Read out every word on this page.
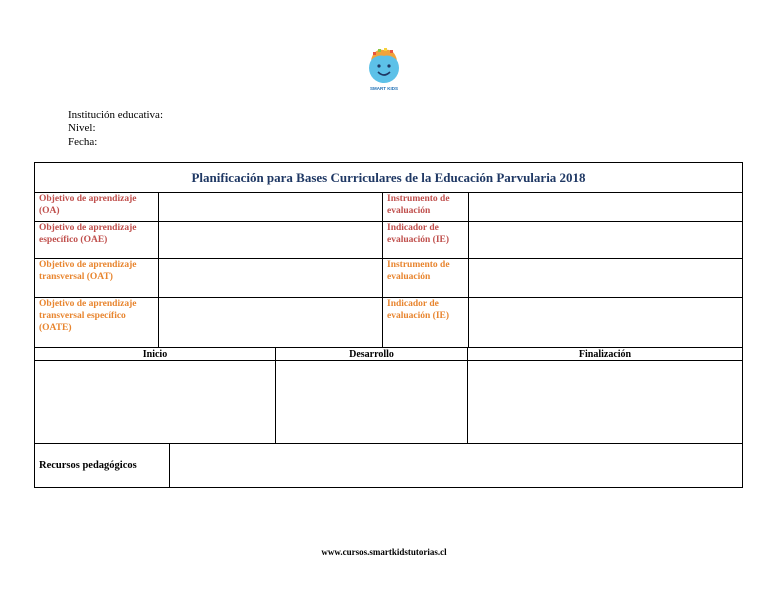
SMART KIDS
Institución educativa:
Nivel:
Fecha:
Planificación para Bases Curriculares de la Educación Parvularia 2018			
Objetivo de aprendizaje (OA)		Instrumento de evaluación	
Objetivo de aprendizaje específico (OAE)		Indicador de evaluación (IE)	
Objetivo de aprendizaje transversal (OAT)		Instrumento de evaluación	
Objetivo de aprendizaje transversal específico (OATE)		Indicador de evaluación (IE)	
Inicio	Desarrollo	Finalización

Recursos pedagógicos	
www.cursos.smartkidstutorias.cl
